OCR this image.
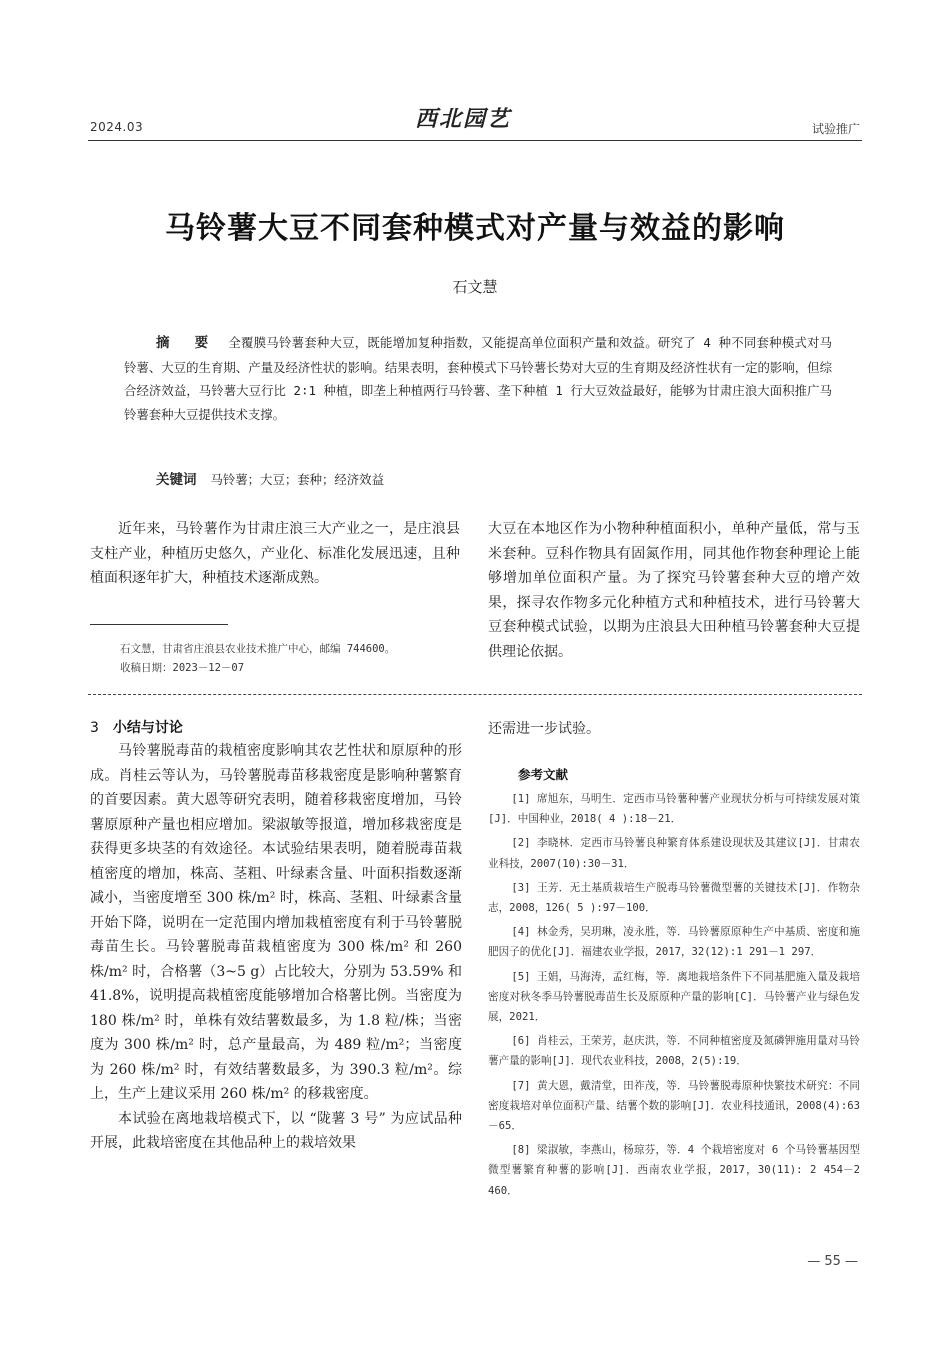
2024.03	西北园艺	试验推广
马铃薯大豆不同套种模式对产量与效益的影响
石文慧
摘 要 全覆膜马铃薯套种大豆，既能增加复种指数，又能提高单位面积产量和效益。研究了 4 种不同套种模式对马铃薯、大豆的生育期、产量及经济性状的影响。结果表明，套种模式下马铃薯长势对大豆的生育期及经济性状有一定的影响，但综合经济效益，马铃薯大豆行比 2∶1 种植，即垄上种植两行马铃薯、垄下种植 1 行大豆效益最好，能够为甘肃庄浪大面积推广马铃薯套种大豆提供技术支撑。
关键词 马铃薯；大豆；套种；经济效益

近年来，马铃薯作为甘肃庄浪三大产业之一，是庄浪县支柱产业，种植历史悠久，产业化、标准化发展迅速，且种植面积逐年扩大，种植技术逐渐成熟。

大豆在本地区作为小物种种植面积小，单种产量低，常与玉米套种。豆科作物具有固氮作用，同其他作物套种理论上能够增加单位面积产量。为了探究马铃薯套种大豆的增产效果，探寻农作物多元化种植方式和种植技术，进行马铃薯大豆套种模式试验，以期为庄浪县大田种植马铃薯套种大豆提供理论依据。

石文慧，甘肃省庄浪县农业技术推广中心，邮编 744600。
收稿日期：2023－12－07
3 小结与讨论

马铃薯脱毒苗的栽植密度影响其农艺性状和原原种的形成。肖桂云等认为，马铃薯脱毒苗移栽密度是影响种薯繁育的首要因素。黄大恩等研究表明，随着移栽密度增加，马铃薯原原种产量也相应增加。梁淑敏等报道，增加移栽密度是获得更多块茎的有效途径。本试验结果表明，随着脱毒苗栽植密度的增加，株高、茎粗、叶绿素含量、叶面积指数逐渐减小，当密度增至 300 株/m² 时，株高、茎粗、叶绿素含量开始下降，说明在一定范围内增加栽植密度有利于马铃薯脱毒苗生长。马铃薯脱毒苗栽植密度为 300 株/m² 和 260 株/m² 时，合格薯（3~5 g）占比较大，分别为 53.59% 和 41.8%，说明提高栽植密度能够增加合格薯比例。当密度为 180 株/m² 时，单株有效结薯数最多，为 1.8 粒/株；当密度为 300 株/m² 时，总产量最高，为 489 粒/m²；当密度为 260 株/m² 时，有效结薯数最多，为 390.3 粒/m²。综上，生产上建议采用 260 株/m² 的移栽密度。

本试验在离地栽培模式下，以 “陇薯 3 号” 为应试品种开展，此栽培密度在其他品种上的栽培效果

还需进一步试验。
参考文献

[1] 席旭东，马明生．定西市马铃薯种薯产业现状分析与可持续发展对策[J]．中国种业，2018( 4 ):18－21．

[2] 李晓林．定西市马铃薯良种繁育体系建设现状及其建议[J]．甘肃农业科技，2007(10):30－31．

[3] 王芳．无土基质栽培生产脱毒马铃薯微型薯的关键技术[J]．作物杂志，2008，126( 5 ):97－100．

[4] 林金秀，吴玥琳，凌永胜，等．马铃薯原原种生产中基质、密度和施肥因子的优化[J]．福建农业学报，2017，32(12):1 291－1 297．

[5] 王娟，马海涛，孟红梅，等．离地栽培条件下不同基肥施入量及栽培密度对秋冬季马铃薯脱毒苗生长及原原种产量的影响[C]．马铃薯产业与绿色发展，2021．

[6] 肖桂云，王荣芳，赵庆洪，等．不同种植密度及氮磷钾施用量对马铃薯产量的影响[J]．现代农业科技，2008，2(5):19．

[7] 黄大恩，戴清堂，田祚茂，等．马铃薯脱毒原种快繁技术研究：不同密度栽培对单位面积产量、结薯个数的影响[J]．农业科技通讯，2008(4):63－65．

[8] 梁淑敏，李燕山，杨琼芬，等．4 个栽培密度对 6 个马铃薯基因型微型薯繁育种薯的影响[J]．西南农业学报，2017，30(11): 2 454－2 460．

— 55 —
